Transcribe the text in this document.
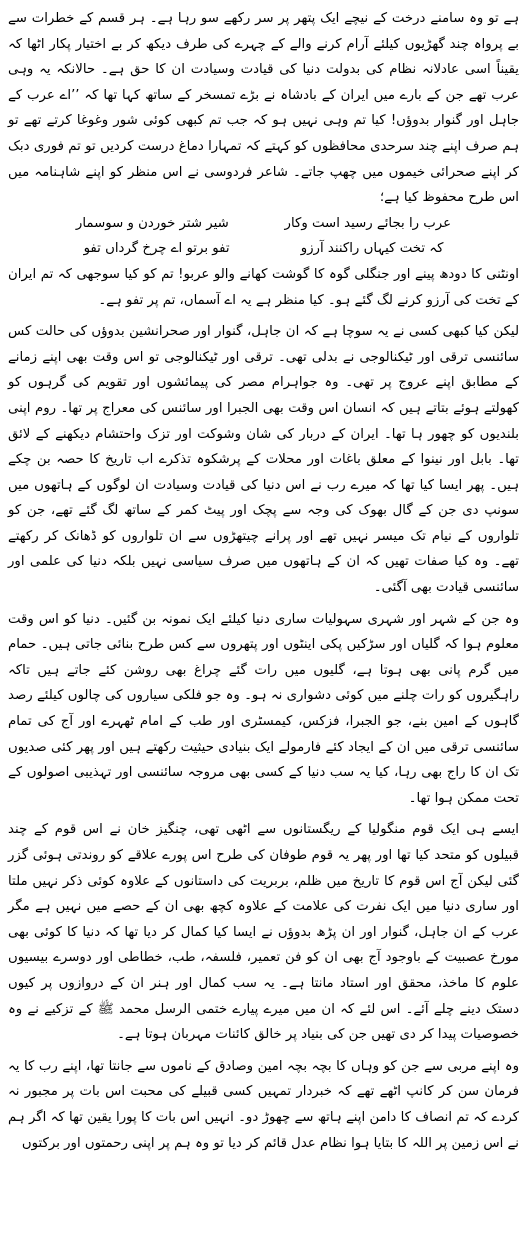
ہے تو وہ سامنے درخت کے نیچے ایک پتھر پر سر رکھے سو رہا ہے۔ ہر قسم کے خطرات سے بے پرواہ چند گھڑیوں کیلئے آرام کرنے والے کے چہرے کی طرف دیکھ کر بے اختیار پکار اٹھا کہ یقیناً اسی عادلانہ نظام کی بدولت دنیا کی قیادت وسیادت ان کا حق ہے۔ حالانکہ یہ وہی عرب تھے جن کے بارے میں ایران کے بادشاہ نے بڑے تمسخر کے ساتھ کہا تھا کہ ’’اے عرب کے جاہل اور گنوار بدوؤں! کیا تم وہی نہیں ہو کہ جب تم کبھی کوئی شور وغوغا کرتے تھے تو ہم صرف اپنے چند سرحدی محافظوں کو کہتے کہ تمہارا دماغ درست کردیں تو تم فوری دبک کر اپنے صحرائی خیموں میں چھپ جاتے۔ شاعر فردوسی نے اس منظر کو اپنے شاہنامہ میں اس طرح محفوظ کیا ہے؛

عرب را بجائے رسید است وکار
شیر شتر خوردن و سوسمار
کہ تخت کیہاں راکنند آرزو
تفو برتو اے چرخ گرداں تفو

اونٹنی کا دودھ پینے اور جنگلی گوہ کا گوشت کھانے والو عربو! تم کو کیا سوجھی کہ تم ایران کے تخت کی آرزو کرنے لگ گئے ہو۔ کیا منظر ہے یہ اے آسماں، تم پر تفو ہے۔

لیکن کیا کبھی کسی نے یہ سوچا ہے کہ ان جاہل، گنوار اور صحرانشین بدوؤں کی حالت کس سائنسی ترقی اور ٹیکنالوجی نے بدلی تھی۔ ترقی اور ٹیکنالوجی تو اس وقت بھی اپنے زمانے کے مطابق اپنے عروج پر تھی۔ وہ جواہرام مصر کی پیمائشوں اور تقویم کی گرہوں کو کھولتے ہوئے بتاتے ہیں کہ انسان اس وقت بھی الجبرا اور سائنس کی معراج پر تھا۔ روم اپنی بلندیوں کو چھور ہا تھا۔ ایران کے دربار کی شان وشوکت اور تزک واحتشام دیکھنے کے لائق تھا۔ بابل اور نینوا کے معلق باغات اور محلات کے پرشکوہ تذکرے اب تاریخ کا حصہ بن چکے ہیں۔ پھر ایسا کیا تھا کہ میرے رب نے اس دنیا کی قیادت وسیادت ان لوگوں کے ہاتھوں میں سونپ دی جن کے گال بھوک کی وجہ سے پچک اور پیٹ کمر کے ساتھ لگ گئے تھے، جن کو تلواروں کے نیام تک میسر نہیں تھے اور پرانے چیتھڑوں سے ان تلواروں کو ڈھانک کر رکھتے تھے۔ وہ کیا صفات تھیں کہ ان کے ہاتھوں میں صرف سیاسی نہیں بلکہ دنیا کی علمی اور سائنسی قیادت بھی آگئی۔

وہ جن کے شہر اور شہری سہولیات ساری دنیا کیلئے ایک نمونہ بن گئیں۔ دنیا کو اس وقت معلوم ہوا کہ گلیاں اور سڑکیں پکی اینٹوں اور پتھروں سے کس طرح بنائی جاتی ہیں۔ حمام میں گرم پانی بھی ہوتا ہے، گلیوں میں رات گئے چراغ بھی روشن کئے جاتے ہیں تاکہ راہگیروں کو رات چلنے میں کوئی دشواری نہ ہو۔ وہ جو فلکی سیاروں کی چالوں کیلئے رصد گاہوں کے امین بنے، جو الجبرا، فزکس، کیمسٹری اور طب کے امام ٹھہرے اور آج کی تمام سائنسی ترقی میں ان کے ایجاد کئے فارمولے ایک بنیادی حیثیت رکھتے ہیں اور پھر کئی صدیوں تک ان کا راج بھی رہا، کیا یہ سب دنیا کے کسی بھی مروجہ سائنسی اور تہذیبی اصولوں کے تحت ممکن ہوا تھا۔

ایسے ہی ایک قوم منگولیا کے ریگستانوں سے اٹھی تھی، چنگیز خان نے اس قوم کے چند قبیلوں کو متحد کیا تھا اور پھر یہ قوم طوفان کی طرح اس پورے علاقے کو روندتی ہوئی گزر گئی لیکن آج اس قوم کا تاریخ میں ظلم، بربریت کی داستانوں کے علاوہ کوئی ذکر نہیں ملتا اور ساری دنیا میں ایک نفرت کی علامت کے علاوہ کچھ بھی ان کے حصے میں نہیں ہے مگر عرب کے ان جاہل، گنوار اور ان پڑھ بدوؤں نے ایسا کیا کمال کر دیا تھا کہ دنیا کا کوئی بھی مورخ عصبیت کے باوجود آج بھی ان کو فن تعمیر، فلسفہ، طب، خطاطی اور دوسرے بیسیوں علوم کا ماخذ، محقق اور استاد مانتا ہے۔ یہ سب کمال اور ہنر ان کے دروازوں پر کیوں دستک دینے چلے آئے۔ اس لئے کہ ان میں میرے پیارے ختمی الرسل محمد ﷺ کے تزکیے نے وہ خصوصیات پیدا کر دی تھیں جن کی بنیاد پر خالق کائنات مہربان ہوتا ہے۔

وہ اپنے مربی سے جن کو وہاں کا بچہ بچہ امین وصادق کے ناموں سے جانتا تھا، اپنے رب کا یہ فرمان سن کر کانپ اٹھے تھے کہ خبردار تمہیں کسی قبیلے کی محبت اس بات پر مجبور نہ کردے کہ تم انصاف کا دامن اپنے ہاتھ سے چھوڑ دو۔ انہیں اس بات کا پورا یقین تھا کہ اگر ہم نے اس زمین پر اللہ کا بتایا ہوا نظام عدل قائم کر دیا تو وہ ہم پر اپنی رحمتوں اور برکتوں
